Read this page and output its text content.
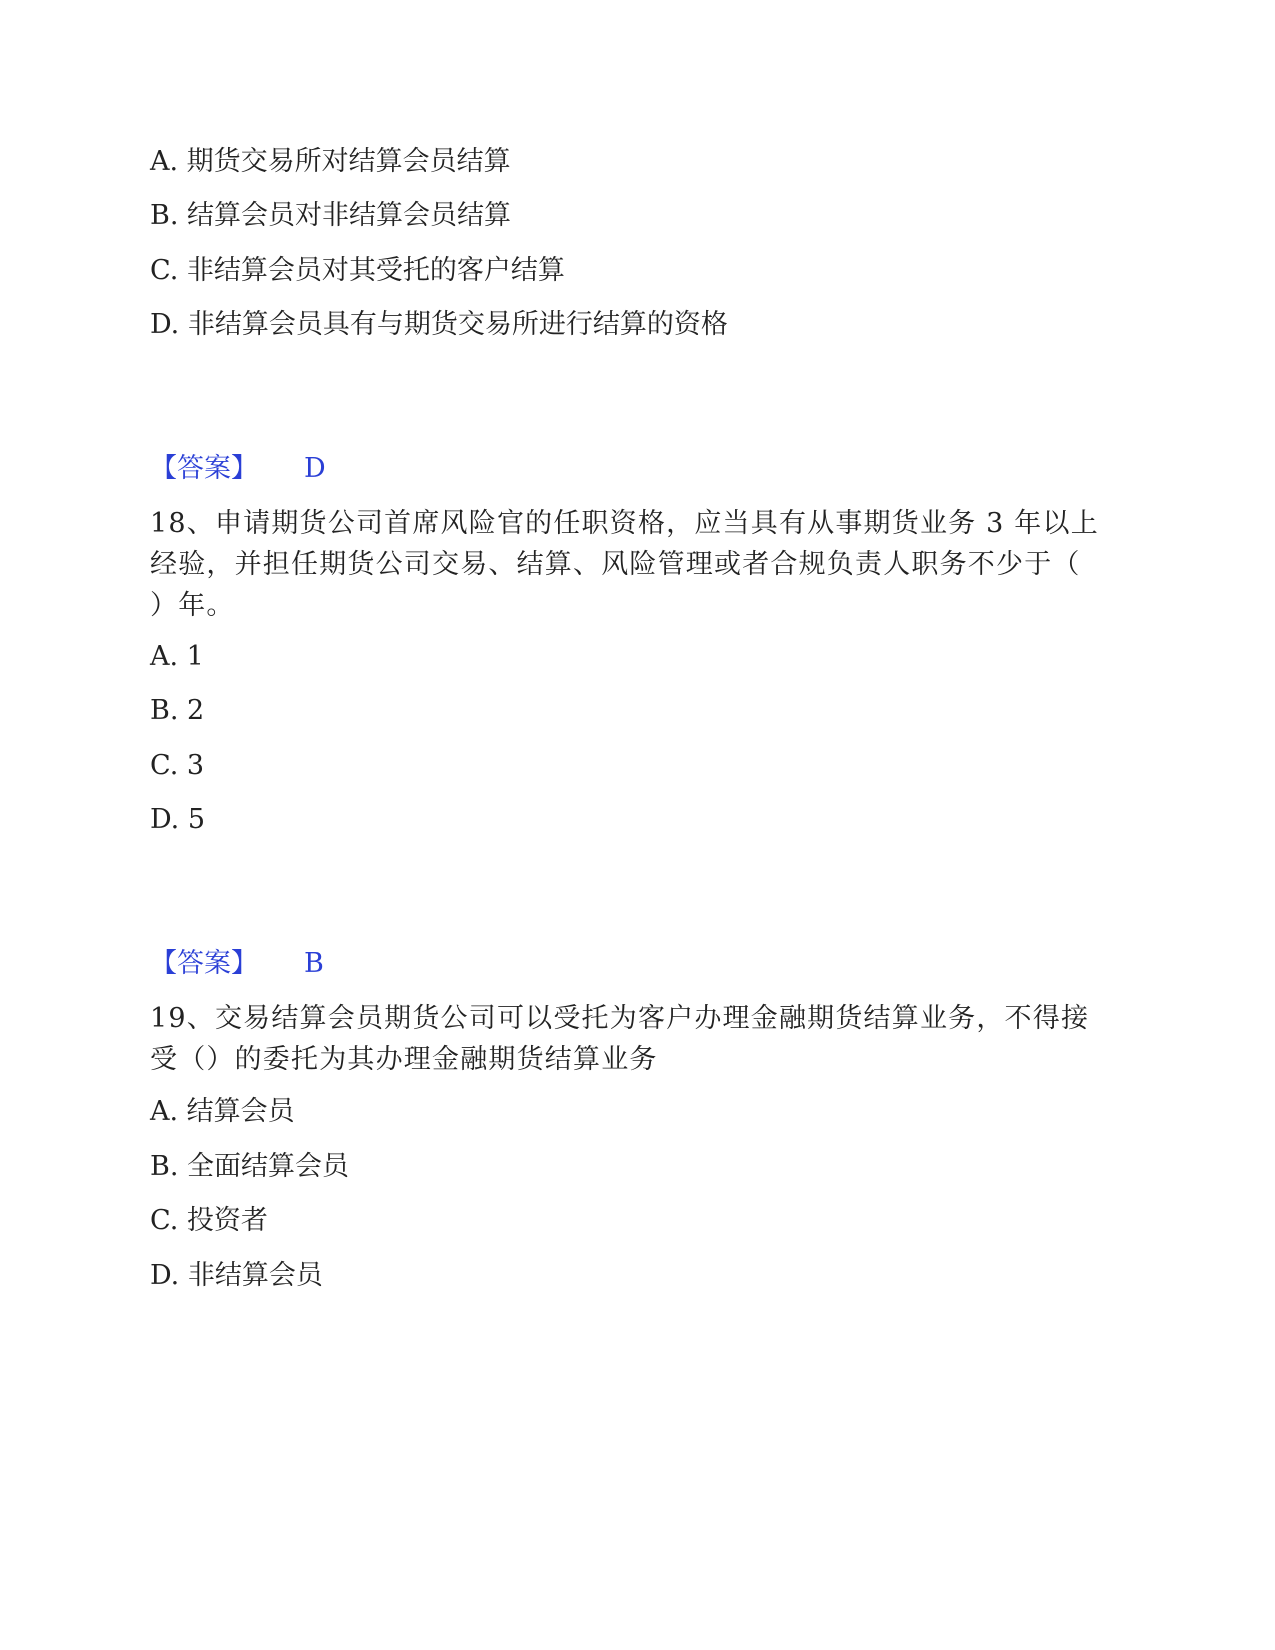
A. 期货交易所对结算会员结算
B. 结算会员对非结算会员结算
C. 非结算会员对其受托的客户结算
D. 非结算会员具有与期货交易所进行结算的资格
【答案】 D
18、申请期货公司首席风险官的任职资格，应当具有从事期货业务 3 年以上
经验，并担任期货公司交易、结算、风险管理或者合规负责人职务不少于（
）年。
A. 1
B. 2
C. 3
D. 5
【答案】 B
19、交易结算会员期货公司可以受托为客户办理金融期货结算业务，不得接
受（）的委托为其办理金融期货结算业务
A. 结算会员
B. 全面结算会员
C. 投资者
D. 非结算会员
